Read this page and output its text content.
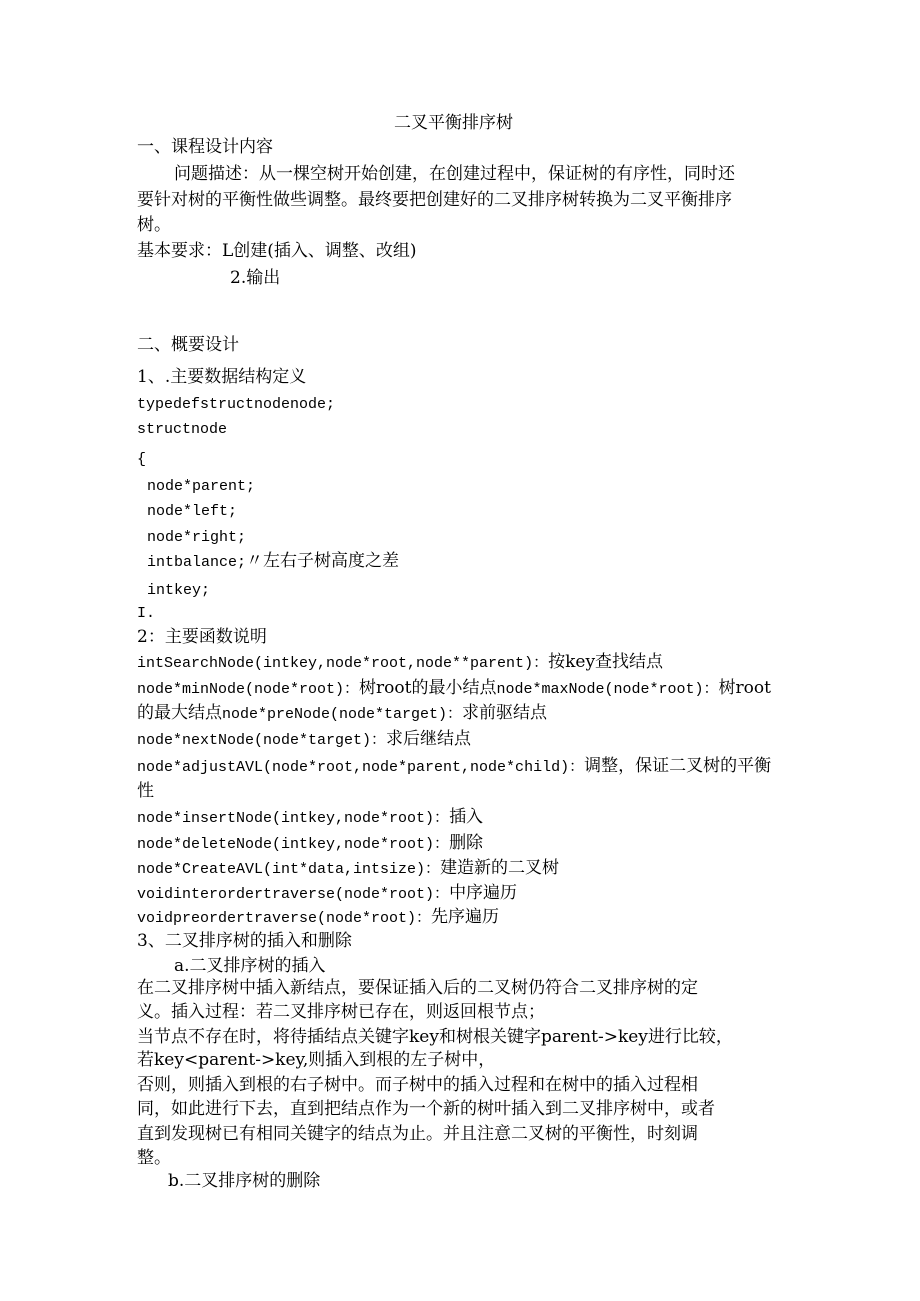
二叉平衡排序树
一、课程设计内容
问题描述：从一棵空树开始创建，在创建过程中，保证树的有序性，同时还
要针对树的平衡性做些调整。最终要把创建好的二叉排序树转换为二叉平衡排序
树。
基本要求：L创建(插入、调整、改组)
2.输出
二、概要设计
1、.主要数据结构定义
typedefstructnodenode;
structnode
{
node*parent;
node*left;
node*right;
intbalance;〃左右子树高度之差
intkey;
I.
2：主要函数说明
intSearchNode(intkey,node*root,node**parent)：按key查找结点
node*minNode(node*root)：树root的最小结点node*maxNode(node*root)：树root
的最大结点node*preNode(node*target)：求前驱结点
node*nextNode(node*target)：求后继结点
node*adjustAVL(node*root,node*parent,node*child)：调整，保证二叉树的平衡
性
node*insertNode(intkey,node*root)：插入
node*deleteNode(intkey,node*root)：删除
node*CreateAVL(int*data,intsize)：建造新的二叉树
voidinterordertraverse(node*root)：中序遍历
voidpreordertraverse(node*root)：先序遍历
3、二叉排序树的插入和删除
a.二叉排序树的插入
在二叉排序树中插入新结点，要保证插入后的二叉树仍符合二叉排序树的定
义。插入过程：若二叉排序树已存在，则返回根节点；
当节点不存在时，将待插结点关键字key和树根关键字parent->key进行比较，
若key<parent->key,则插入到根的左子树中，
否则，则插入到根的右子树中。而子树中的插入过程和在树中的插入过程相
同，如此进行下去，直到把结点作为一个新的树叶插入到二叉排序树中，或者
直到发现树已有相同关键字的结点为止。并且注意二叉树的平衡性，时刻调
整。
b.二叉排序树的删除
